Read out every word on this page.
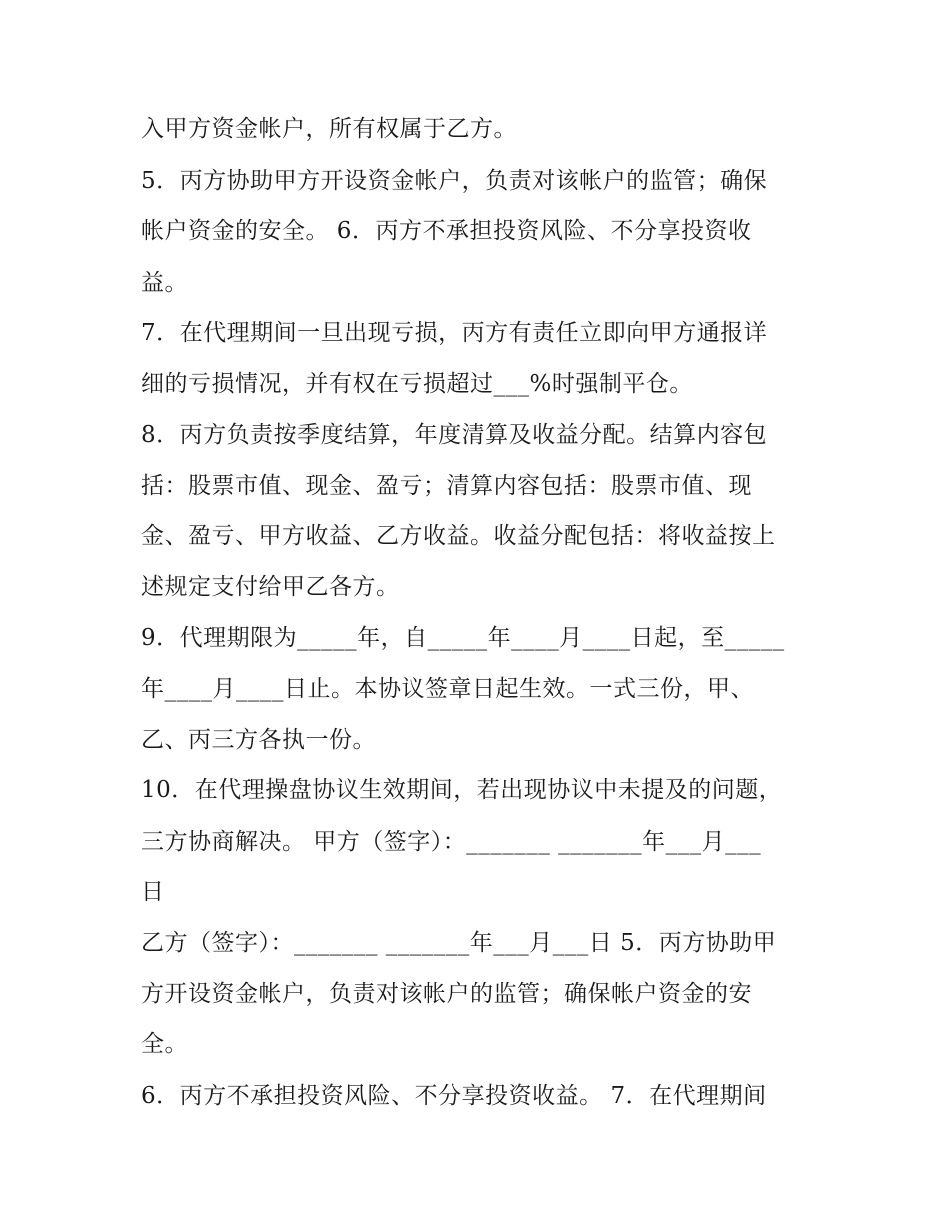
入甲方资金帐户，所有权属于乙方。
5．丙方协助甲方开设资金帐户，负责对该帐户的监管；确保
帐户资金的安全。 6．丙方不承担投资风险、不分享投资收
益。
7．在代理期间一旦出现亏损，丙方有责任立即向甲方通报详
细的亏损情况，并有权在亏损超过___%时强制平仓。
8．丙方负责按季度结算，年度清算及收益分配。结算内容包
括：股票市值、现金、盈亏；清算内容包括：股票市值、现
金、盈亏、甲方收益、乙方收益。收益分配包括：将收益按上
述规定支付给甲乙各方。
9．代理期限为_____年，自_____年____月____日起，至_____
年____月____日止。本协议签章日起生效。一式三份，甲、
乙、丙三方各执一份。
10．在代理操盘协议生效期间，若出现协议中未提及的问题，
三方协商解决。 甲方（签字）：_______ _______年___月___
日
乙方（签字）：_______ _______年___月___日 5．丙方协助甲
方开设资金帐户，负责对该帐户的监管；确保帐户资金的安
全。
6．丙方不承担投资风险、不分享投资收益。 7．在代理期间
